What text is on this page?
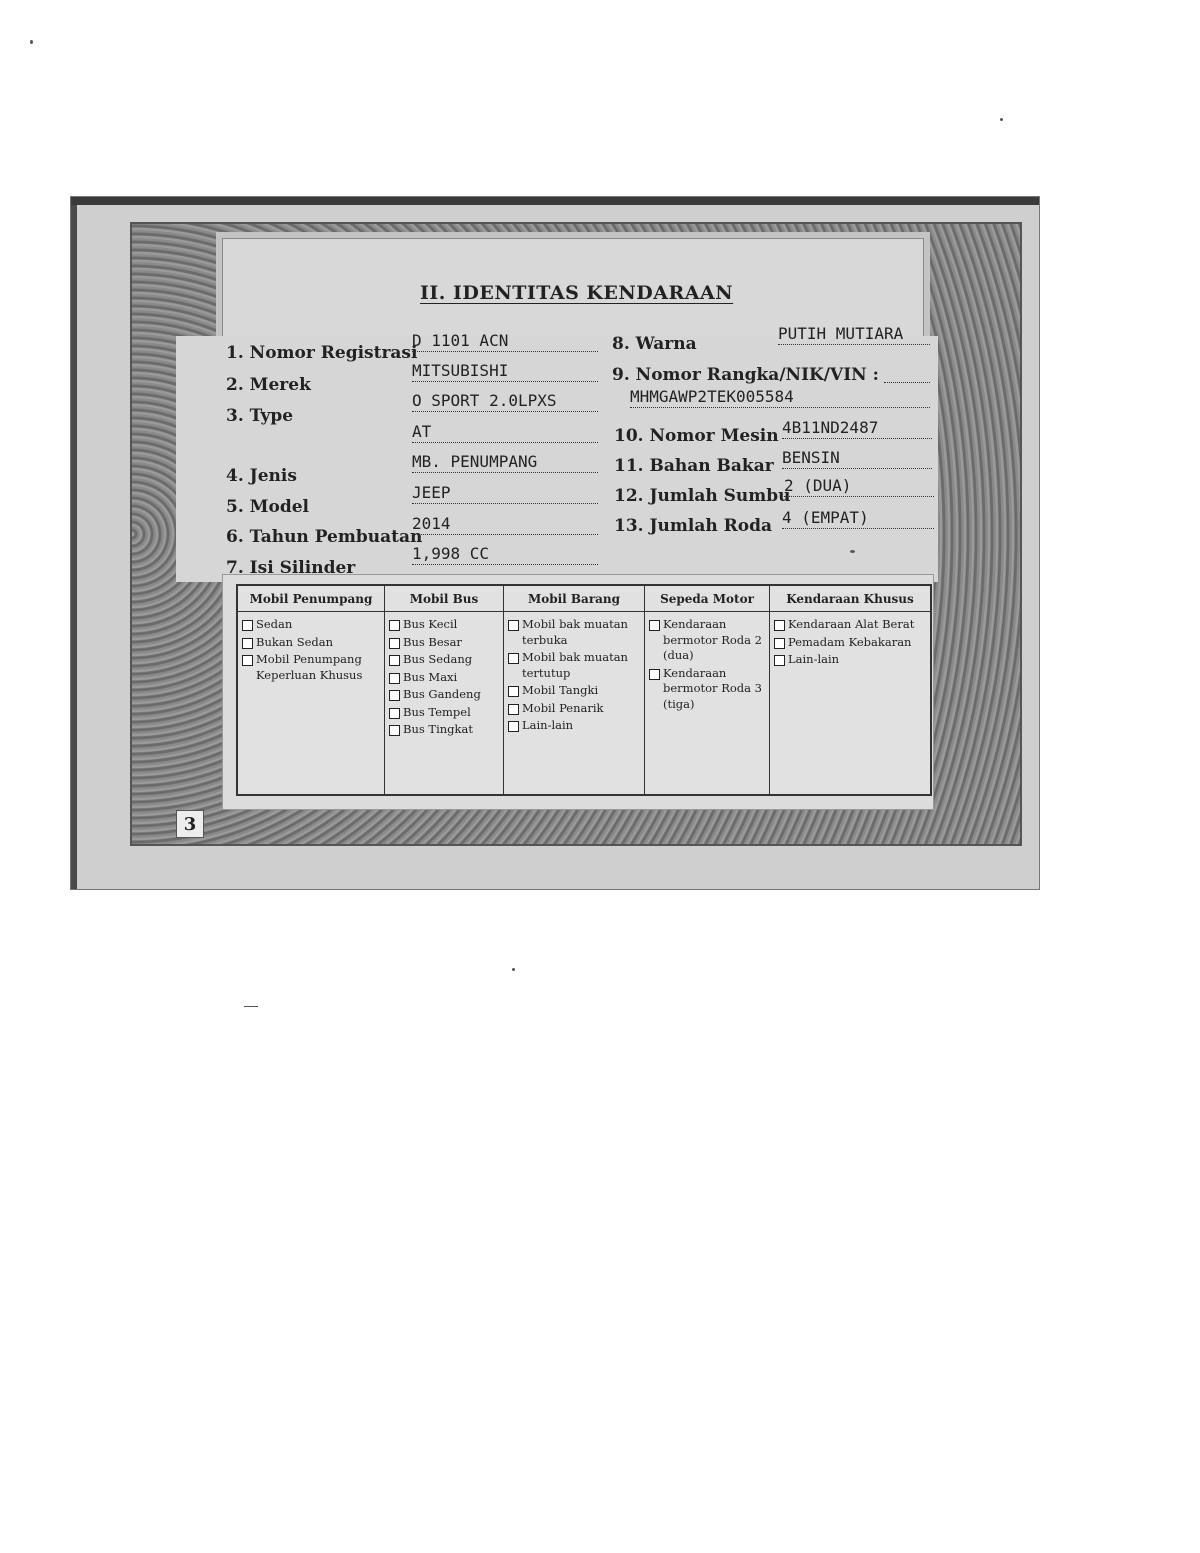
II. IDENTITAS KENDARAAN
1. Nomor Registrasi
D 1101 ACN
2. Merek
MITSUBISHI
3. Type
O SPORT 2.0LPXS
AT
4. Jenis
MB. PENUMPANG
5. Model
JEEP
6. Tahun Pembuatan
2014
7. Isi Silinder
1,998 CC
8. Warna
PUTIH MUTIARA
9. Nomor Rangka/NIK/VIN :
MHMGAWP2TEK005584
10. Nomor Mesin 4B11ND2487
11. Bahan Bakar BENSIN
12. Jumlah Sumbu
2 (DUA)
13. Jumlah Roda 4 (EMPAT)
Mobil Penumpang
Sedan
Bukan Sedan
Mobil Penumpang Keperluan Khusus
Mobil Bus
Bus Kecil
Bus Besar
Bus Sedang
Bus Maxi
Bus Gandeng
Bus Tempel
Bus Tingkat
Mobil Barang
Mobil bak muatan terbuka
Mobil bak muatan tertutup
Mobil Tangki
Mobil Penarik
Lain-lain
Sepeda Motor
Kendaraan bermotor Roda 2 (dua)
Kendaraan bermotor Roda 3 (tiga)
Kendaraan Khusus
Kendaraan Alat Berat
Pemadam Kebakaran
Lain-lain
3
